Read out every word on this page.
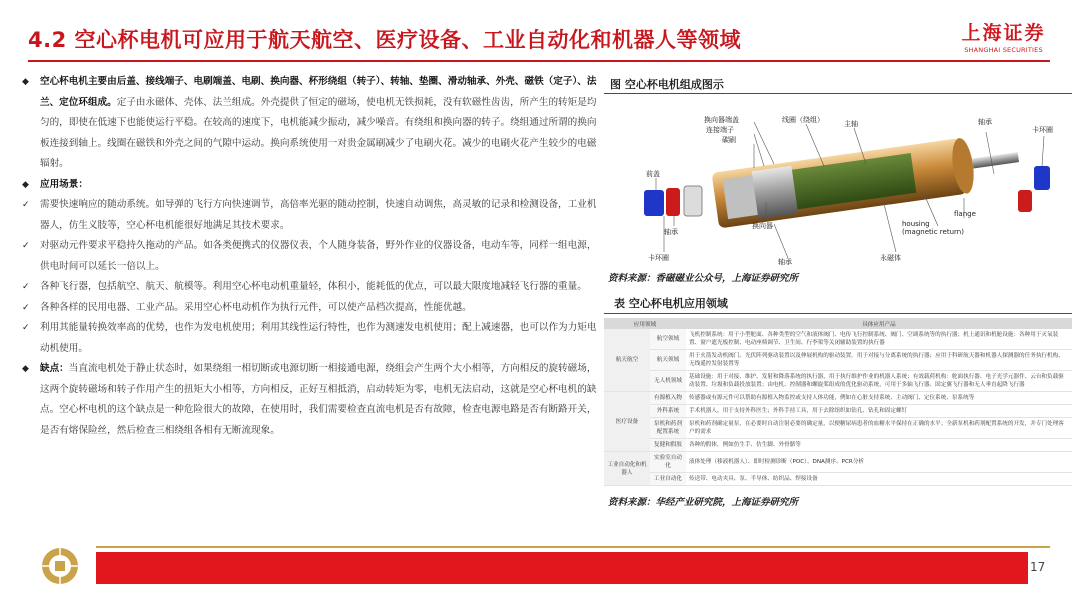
4.2 空心杯电机可应用于航天航空、医疗设备、工业自动化和机器人等领域	上海证券
SHANGHAI SECURITIES
◆ 空心杯电机主要由后盖、接线端子、电刷端盖、电刷、换向器、杯形绕组（转子）、转轴、垫圈、滑动轴承、外壳、磁铁（定子）、法兰、定位环组成。定子由永磁体、壳体、法兰组成。外壳提供了恒定的磁场，使电机无铁损耗，没有软磁性齿齿，所产生的转矩是均匀的，即使在低速下也能使运行平稳。在较高的速度下，电机能减少振动，减少噪音。有绕组和换向器的转子。绕组通过所谓的换向板连接到轴上。线圈在磁铁和外壳之间的气隙中运动。换向系统使用一对贵金属刷减少了电刷火花。减少的电刷火花产生较少的电磁辐射。
◆ 应用场景：
✓ 需要快速响应的随动系统。如导弹的飞行方向快速调节，高倍率光驱的随动控制，快速自动调焦，高灵敏的记录和检测设备，工业机器人，仿生义肢等，空心杯电机能很好地满足其技术要求。
✓ 对驱动元件要求平稳持久拖动的产品。如各类便携式的仪器仪表，个人随身装备，野外作业的仪器设备，电动车等，同样一组电源，供电时间可以延长一倍以上。
✓ 各种飞行器，包括航空、航天、航模等。利用空心杯电动机重量轻，体积小，能耗低的优点，可以最大限度地减轻飞行器的重量。
✓ 各种各样的民用电器、工业产品。采用空心杯电动机作为执行元件，可以使产品档次提高，性能优越。
✓ 利用其能量转换效率高的优势，也作为发电机使用；利用其线性运行特性，也作为测速发电机使用；配上减速器，也可以作为力矩电动机使用。
◆ 缺点：当直流电机处于静止状态时，如果绕组一相切断或电源切断一相接通电源，绕组会产生两个大小相等，方向相反的旋转磁场，这两个旋转磁场和转子作用产生的扭矩大小相等，方向相反，正好互相抵消，启动转矩为零，电机无法启动，这就是空心杯电机的缺点。空心杯电机的这个缺点是一种危险很大的故障，在使用时，我们需要检查直流电机是否有故障，检查电源电路是否有断路开关，是否有熔保险丝，然后检查三相绕组各相有无断流现象。
图 空心杯电机组成图示
换向器端盖
连接端子
碳刷
线圈（绕组）	主轴	轴承
卡环圈
前盖
轴承
卡环圈
换向器	housing
(magnetic return)
永磁体
flange
轴承
资料来源：香磁磁业公众号，上海证券研究所
表 空心杯电机应用领域
应用领域		具体应用产品
航天航空	航空领域	飞机控制系统：用于小型舵面、各种类型的空气和液体阀门、电传飞行控制系统、阀门、空调系统等的执行器；机上通讯和机舱设施：各种用于灭氧装置、窗户遮光板控制、电动座椅调节、卫生间、行李架等关闭辅助装置的执行器
	航天领域	用于火箭发动机阀门、光伏阵列驱动装置以及伸展机构的驱动装置。用于对接与分离系统的执行器；应用于科研航天器和机器人探测器的任务执行机构、无线遥控发射装置等
	无人机领域	基础设施：用于对接、维护、发射和降落系统的执行器，用于执行维护作业的机器人系统；有效载荷机构：舵面执行器、电子光学元器件、云台和负载驱动装置、垃圾和负载投放装置；由电机、控制器和螺旋桨组成的优化驱动系统，可用于多轴飞行器、固定翼飞行器和无人垂直起降飞行器
医疗设备	有源植入物	传感器或有源元件可以帮助有源植入物监控或支持人体功能，例如在心脏支持系统、主动阀门、定位系统、泵系统等
	外科系统	手术机器人，用于支持外科医生；外科手持工具，用于去除组织如钻孔、钻孔和固定螺钉
	泵机和药剂配置系统	泵机和药剂确定量泵，在必要时自动注射必要的确定量，以便糖尿病患者的血糖水平保持在正确的水平；全新泵机和药剂配置系统的开发，并专门处理客户的需求
	复健和假肢	各种的假体，例如仿生手、仿生脚、外骨骼等
工业自动化和机器人	实验室自动化	液体处理（移液机器人）、即时检测诊断（POC）、DNA测序、PCR分析
	工业自动化	传送带、电动夹具、泵、半导体、纺织品、焊接设备
资料来源：华经产业研究院，上海证券研究所
17
